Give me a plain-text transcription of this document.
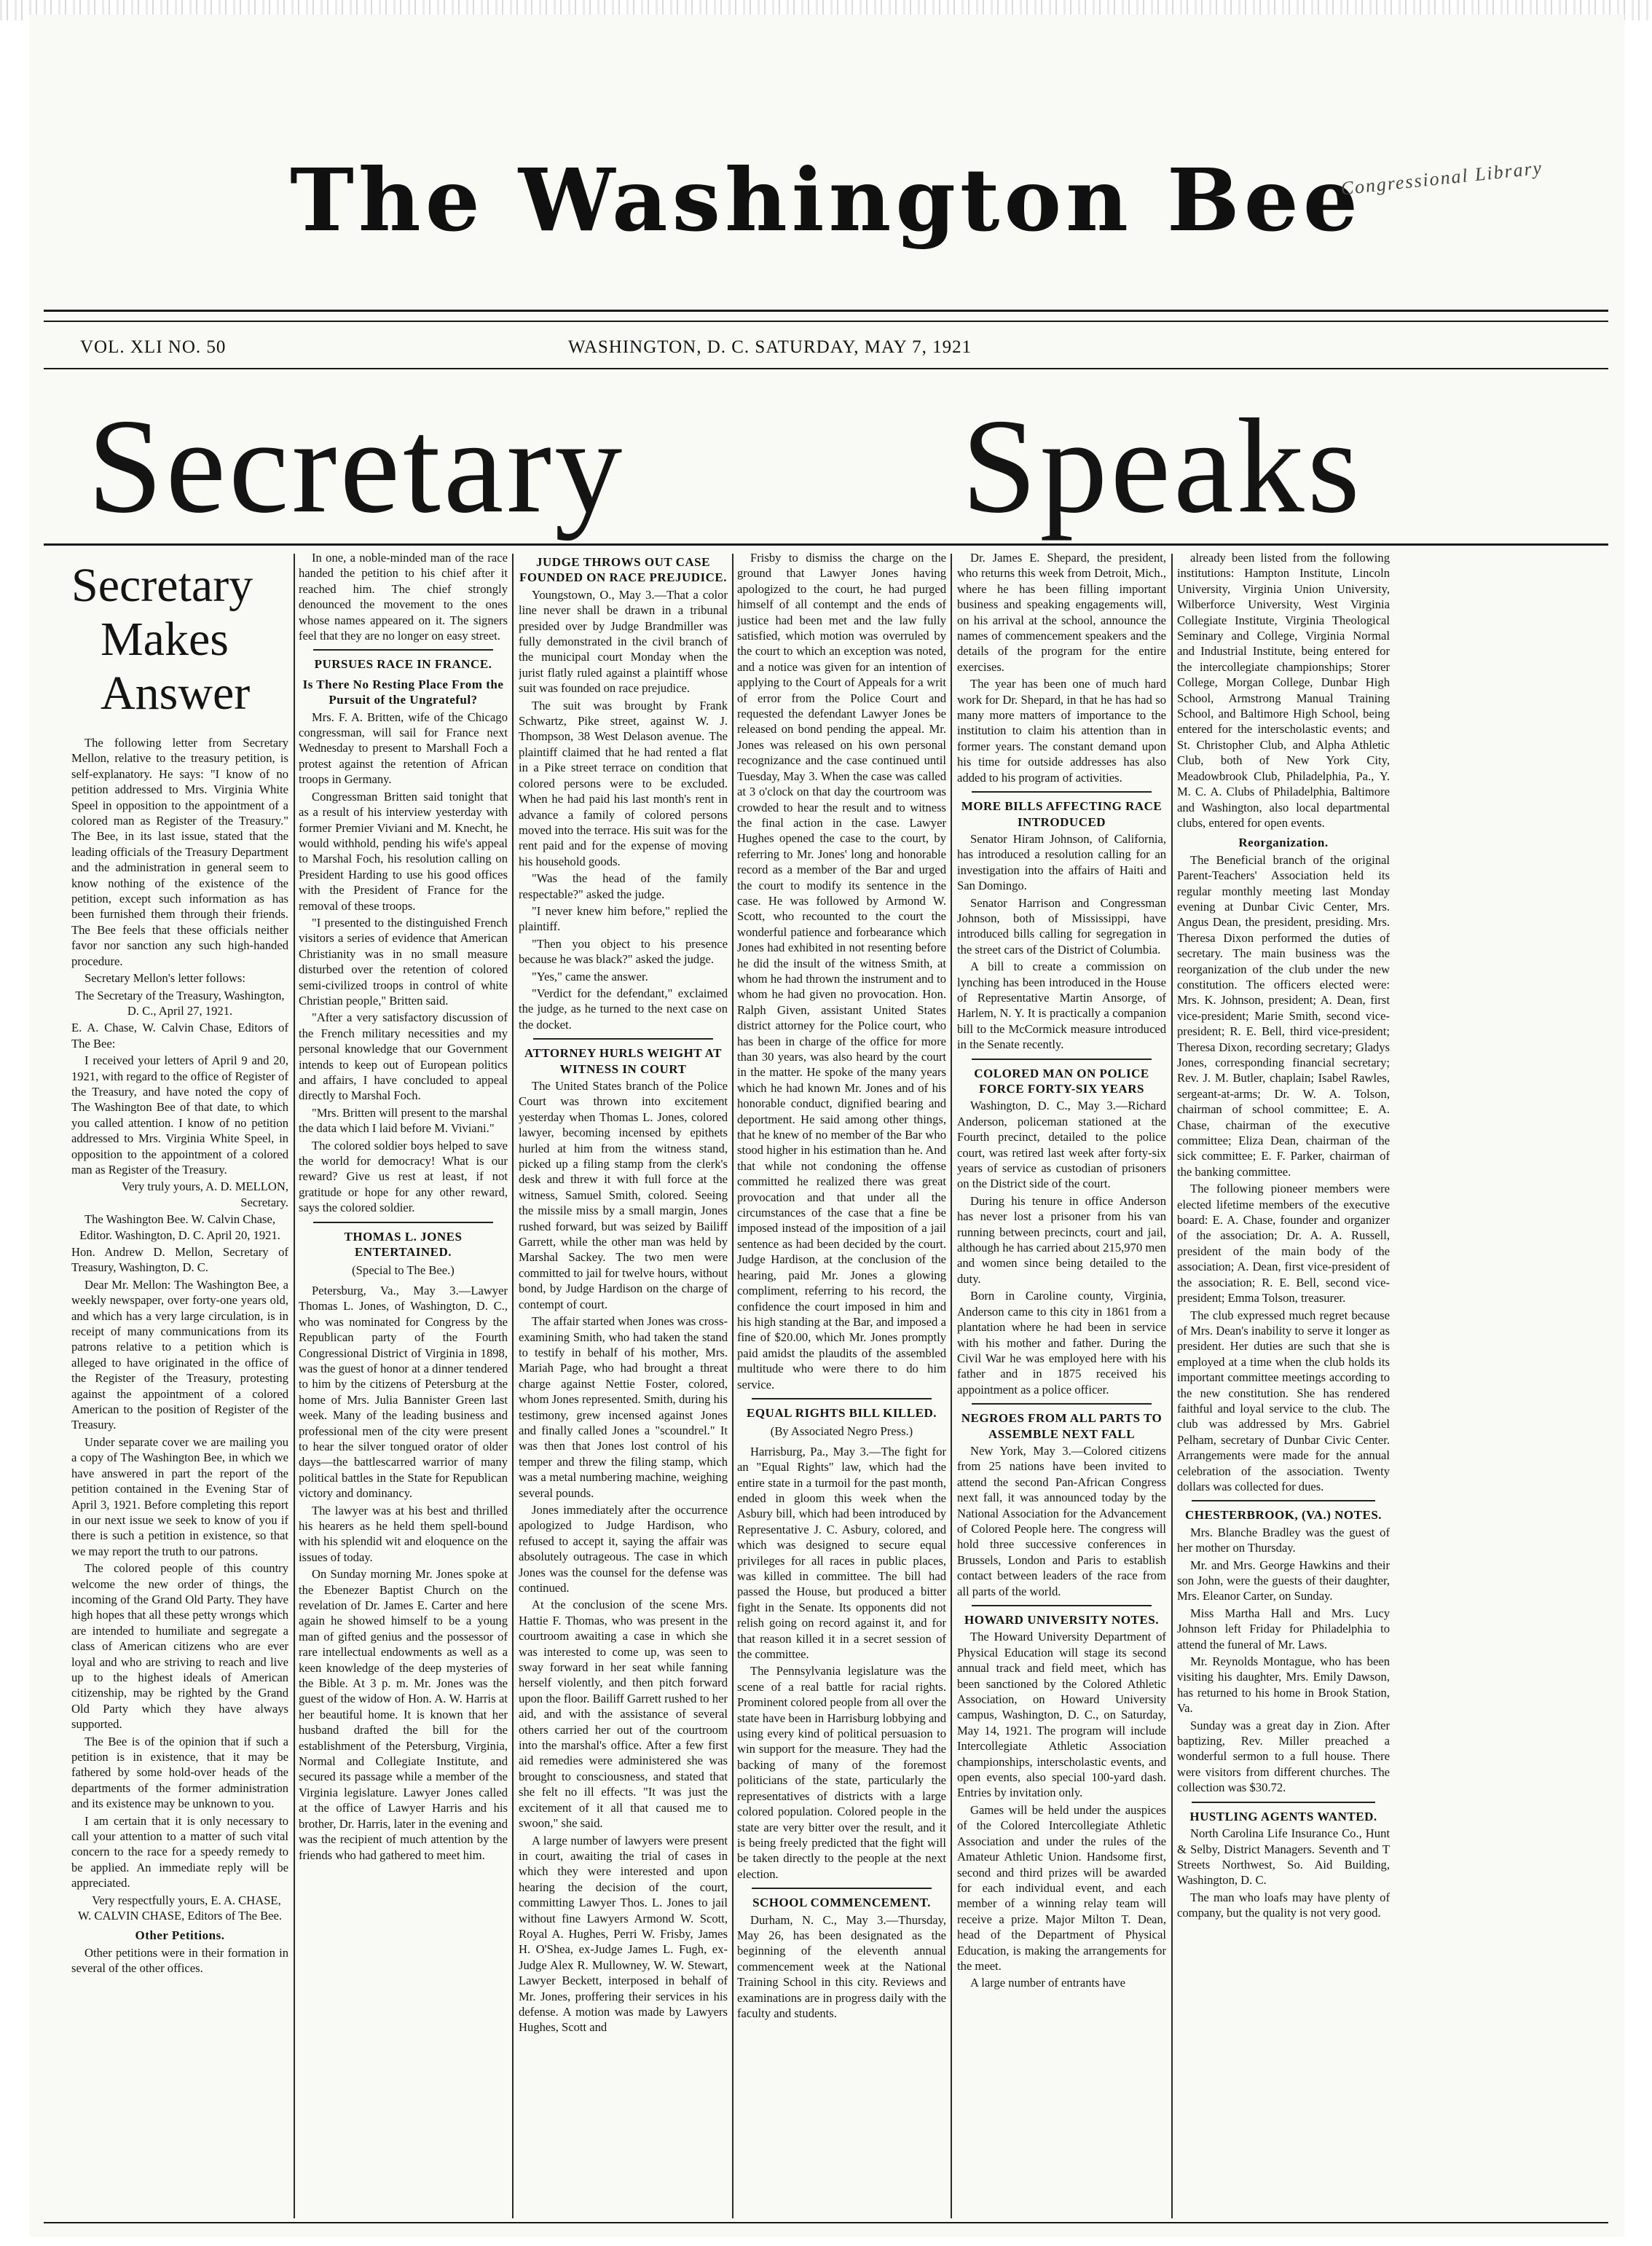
The Washington Bee
Congressional Library
VOL. XLI NO. 50	WASHINGTON, D. C. SATURDAY, MAY 7, 1921
Secretary Speaks
Secretary
Makes Answer

The following letter from Secretary Mellon, relative to the treasury petition, is self-explanatory. He says: "I know of no petition addressed to Mrs. Virginia White Speel in opposition to the appointment of a colored man as Register of the Treasury." The Bee, in its last issue, stated that the leading officials of the Treasury Department and the administration in general seem to know nothing of the existence of the petition, except such information as has been furnished them through their friends. The Bee feels that these officials neither favor nor sanction any such high-handed procedure.

Secretary Mellon's letter follows:

The Secretary of the Treasury, Washington, D. C., April 27, 1921.

E. A. Chase, W. Calvin Chase, Editors of The Bee:

I received your letters of April 9 and 20, 1921, with regard to the office of Register of the Treasury, and have noted the copy of The Washington Bee of that date, to which you called attention. I know of no petition addressed to Mrs. Virginia White Speel, in opposition to the appointment of a colored man as Register of the Treasury.

Very truly yours, A. D. MELLON, Secretary.

The Washington Bee. W. Calvin Chase, Editor. Washington, D. C. April 20, 1921.

Hon. Andrew D. Mellon, Secretary of Treasury, Washington, D. C.

Dear Mr. Mellon: The Washington Bee, a weekly newspaper, over forty-one years old, and which has a very large circulation, is in receipt of many communications from its patrons relative to a petition which is alleged to have originated in the office of the Register of the Treasury, protesting against the appointment of a colored American to the position of Register of the Treasury.

Under separate cover we are mailing you a copy of The Washington Bee, in which we have answered in part the report of the petition contained in the Evening Star of April 3, 1921. Before completing this report in our next issue we seek to know of you if there is such a petition in existence, so that we may report the truth to our patrons.

The colored people of this country welcome the new order of things, the incoming of the Grand Old Party. They have high hopes that all these petty wrongs which are intended to humiliate and segregate a class of American citizens who are ever loyal and who are striving to reach and live up to the highest ideals of American citizenship, may be righted by the Grand Old Party which they have always supported.

The Bee is of the opinion that if such a petition is in existence, that it may be fathered by some hold-over heads of the departments of the former administration and its existence may be unknown to you.

I am certain that it is only necessary to call your attention to a matter of such vital concern to the race for a speedy remedy to be applied. An immediate reply will be appreciated.

Very respectfully yours, E. A. CHASE, W. CALVIN CHASE, Editors of The Bee.

Other Petitions.

Other petitions were in their formation in several of the other offices.

In one, a noble-minded man of the race handed the petition to his chief after it reached him. The chief strongly denounced the movement to the ones whose names appeared on it. The signers feel that they are no longer on easy street.

PURSUES RACE IN FRANCE.

Is There No Resting Place From the Pursuit of the Ungrateful?

Mrs. F. A. Britten, wife of the Chicago congressman, will sail for France next Wednesday to present to Marshall Foch a protest against the retention of African troops in Germany.

Congressman Britten said tonight that as a result of his interview yesterday with former Premier Viviani and M. Knecht, he would withhold, pending his wife's appeal to Marshal Foch, his resolution calling on President Harding to use his good offices with the President of France for the removal of these troops.

"I presented to the distinguished French visitors a series of evidence that American Christianity was in no small measure disturbed over the retention of colored semi-civilized troops in control of white Christian people," Britten said.

"After a very satisfactory discussion of the French military necessities and my personal knowledge that our Government intends to keep out of European politics and affairs, I have concluded to appeal directly to Marshal Foch.

"Mrs. Britten will present to the marshal the data which I laid before M. Viviani."

The colored soldier boys helped to save the world for democracy! What is our reward? Give us rest at least, if not gratitude or hope for any other reward, says the colored soldier.

THOMAS L. JONES ENTERTAINED.

(Special to The Bee.)

Petersburg, Va., May 3.—Lawyer Thomas L. Jones, of Washington, D. C., who was nominated for Congress by the Republican party of the Fourth Congressional District of Virginia in 1898, was the guest of honor at a dinner tendered to him by the citizens of Petersburg at the home of Mrs. Julia Bannister Green last week. Many of the leading business and professional men of the city were present to hear the silver tongued orator of older days—the battlescarred warrior of many political battles in the State for Republican victory and dominancy.

The lawyer was at his best and thrilled his hearers as he held them spell-bound with his splendid wit and eloquence on the issues of today.

On Sunday morning Mr. Jones spoke at the Ebenezer Baptist Church on the revelation of Dr. James E. Carter and here again he showed himself to be a young man of gifted genius and the possessor of rare intellectual endowments as well as a keen knowledge of the deep mysteries of the Bible. At 3 p. m. Mr. Jones was the guest of the widow of Hon. A. W. Harris at her beautiful home. It is known that her husband drafted the bill for the establishment of the Petersburg, Virginia, Normal and Collegiate Institute, and secured its passage while a member of the Virginia legislature. Lawyer Jones called at the office of Lawyer Harris and his brother, Dr. Harris, later in the evening and was the recipient of much attention by the friends who had gathered to meet him.

JUDGE THROWS OUT CASE FOUNDED ON RACE PREJUDICE.

Youngstown, O., May 3.—That a color line never shall be drawn in a tribunal presided over by Judge Brandmiller was fully demonstrated in the civil branch of the municipal court Monday when the jurist flatly ruled against a plaintiff whose suit was founded on race prejudice.

The suit was brought by Frank Schwartz, Pike street, against W. J. Thompson, 38 West Delason avenue. The plaintiff claimed that he had rented a flat in a Pike street terrace on condition that colored persons were to be excluded. When he had paid his last month's rent in advance a family of colored persons moved into the terrace. His suit was for the rent paid and for the expense of moving his household goods.

"Was the head of the family respectable?" asked the judge.

"I never knew him before," replied the plaintiff.

"Then you object to his presence because he was black?" asked the judge.

"Yes," came the answer.

"Verdict for the defendant," exclaimed the judge, as he turned to the next case on the docket.

ATTORNEY HURLS WEIGHT AT WITNESS IN COURT

The United States branch of the Police Court was thrown into excitement yesterday when Thomas L. Jones, colored lawyer, becoming incensed by epithets hurled at him from the witness stand, picked up a filing stamp from the clerk's desk and threw it with full force at the witness, Samuel Smith, colored. Seeing the missile miss by a small margin, Jones rushed forward, but was seized by Bailiff Garrett, while the other man was held by Marshal Sackey. The two men were committed to jail for twelve hours, without bond, by Judge Hardison on the charge of contempt of court.

The affair started when Jones was cross-examining Smith, who had taken the stand to testify in behalf of his mother, Mrs. Mariah Page, who had brought a threat charge against Nettie Foster, colored, whom Jones represented. Smith, during his testimony, grew incensed against Jones and finally called Jones a "scoundrel." It was then that Jones lost control of his temper and threw the filing stamp, which was a metal numbering machine, weighing several pounds.

Jones immediately after the occurrence apologized to Judge Hardison, who refused to accept it, saying the affair was absolutely outrageous. The case in which Jones was the counsel for the defense was continued.

At the conclusion of the scene Mrs. Hattie F. Thomas, who was present in the courtroom awaiting a case in which she was interested to come up, was seen to sway forward in her seat while fanning herself violently, and then pitch forward upon the floor. Bailiff Garrett rushed to her aid, and with the assistance of several others carried her out of the courtroom into the marshal's office. After a few first aid remedies were administered she was brought to consciousness, and stated that she felt no ill effects. "It was just the excitement of it all that caused me to swoon," she said.

A large number of lawyers were present in court, awaiting the trial of cases in which they were interested and upon hearing the decision of the court, committing Lawyer Thos. L. Jones to jail without fine Lawyers Armond W. Scott, Royal A. Hughes, Perri W. Frisby, James H. O'Shea, ex-Judge James L. Fugh, ex-Judge Alex R. Mullowney, W. W. Stewart, Lawyer Beckett, interposed in behalf of Mr. Jones, proffering their services in his defense. A motion was made by Lawyers Hughes, Scott and

Frisby to dismiss the charge on the ground that Lawyer Jones having apologized to the court, he had purged himself of all contempt and the ends of justice had been met and the law fully satisfied, which motion was overruled by the court to which an exception was noted, and a notice was given for an intention of applying to the Court of Appeals for a writ of error from the Police Court and requested the defendant Lawyer Jones be released on bond pending the appeal. Mr. Jones was released on his own personal recognizance and the case continued until Tuesday, May 3. When the case was called at 3 o'clock on that day the courtroom was crowded to hear the result and to witness the final action in the case. Lawyer Hughes opened the case to the court, by referring to Mr. Jones' long and honorable record as a member of the Bar and urged the court to modify its sentence in the case. He was followed by Armond W. Scott, who recounted to the court the wonderful patience and forbearance which Jones had exhibited in not resenting before he did the insult of the witness Smith, at whom he had thrown the instrument and to whom he had given no provocation. Hon. Ralph Given, assistant United States district attorney for the Police court, who has been in charge of the office for more than 30 years, was also heard by the court in the matter. He spoke of the many years which he had known Mr. Jones and of his honorable conduct, dignified bearing and deportment. He said among other things, that he knew of no member of the Bar who stood higher in his estimation than he. And that while not condoning the offense committed he realized there was great provocation and that under all the circumstances of the case that a fine be imposed instead of the imposition of a jail sentence as had been decided by the court. Judge Hardison, at the conclusion of the hearing, paid Mr. Jones a glowing compliment, referring to his record, the confidence the court imposed in him and his high standing at the Bar, and imposed a fine of $20.00, which Mr. Jones promptly paid amidst the plaudits of the assembled multitude who were there to do him service.

EQUAL RIGHTS BILL KILLED.

(By Associated Negro Press.)

Harrisburg, Pa., May 3.—The fight for an "Equal Rights" law, which had the entire state in a turmoil for the past month, ended in gloom this week when the Asbury bill, which had been introduced by Representative J. C. Asbury, colored, and which was designed to secure equal privileges for all races in public places, was killed in committee. The bill had passed the House, but produced a bitter fight in the Senate. Its opponents did not relish going on record against it, and for that reason killed it in a secret session of the committee.

The Pennsylvania legislature was the scene of a real battle for racial rights. Prominent colored people from all over the state have been in Harrisburg lobbying and using every kind of political persuasion to win support for the measure. They had the backing of many of the foremost politicians of the state, particularly the representatives of districts with a large colored population. Colored people in the state are very bitter over the result, and it is being freely predicted that the fight will be taken directly to the people at the next election.

SCHOOL COMMENCEMENT.

Durham, N. C., May 3.—Thursday, May 26, has been designated as the beginning of the eleventh annual commencement week at the National Training School in this city. Reviews and examinations are in progress daily with the faculty and students.

Dr. James E. Shepard, the president, who returns this week from Detroit, Mich., where he has been filling important business and speaking engagements will, on his arrival at the school, announce the names of commencement speakers and the details of the program for the entire exercises.

The year has been one of much hard work for Dr. Shepard, in that he has had so many more matters of importance to the institution to claim his attention than in former years. The constant demand upon his time for outside addresses has also added to his program of activities.

MORE BILLS AFFECTING RACE INTRODUCED

Senator Hiram Johnson, of California, has introduced a resolution calling for an investigation into the affairs of Haiti and San Domingo.

Senator Harrison and Congressman Johnson, both of Mississippi, have introduced bills calling for segregation in the street cars of the District of Columbia.

A bill to create a commission on lynching has been introduced in the House of Representative Martin Ansorge, of Harlem, N. Y. It is practically a companion bill to the McCormick measure introduced in the Senate recently.

COLORED MAN ON POLICE FORCE FORTY-SIX YEARS

Washington, D. C., May 3.—Richard Anderson, policeman stationed at the Fourth precinct, detailed to the police court, was retired last week after forty-six years of service as custodian of prisoners on the District side of the court.

During his tenure in office Anderson has never lost a prisoner from his van running between precincts, court and jail, although he has carried about 215,970 men and women since being detailed to the duty.

Born in Caroline county, Virginia, Anderson came to this city in 1861 from a plantation where he had been in service with his mother and father. During the Civil War he was employed here with his father and in 1875 received his appointment as a police officer.

NEGROES FROM ALL PARTS TO ASSEMBLE NEXT FALL

New York, May 3.—Colored citizens from 25 nations have been invited to attend the second Pan-African Congress next fall, it was announced today by the National Association for the Advancement of Colored People here. The congress will hold three successive conferences in Brussels, London and Paris to establish contact between leaders of the race from all parts of the world.

HOWARD UNIVERSITY NOTES.

The Howard University Department of Physical Education will stage its second annual track and field meet, which has been sanctioned by the Colored Athletic Association, on Howard University campus, Washington, D. C., on Saturday, May 14, 1921. The program will include Intercollegiate Athletic Association championships, interscholastic events, and open events, also special 100-yard dash. Entries by invitation only.

Games will be held under the auspices of the Colored Intercollegiate Athletic Association and under the rules of the Amateur Athletic Union. Handsome first, second and third prizes will be awarded for each individual event, and each member of a winning relay team will receive a prize. Major Milton T. Dean, head of the Department of Physical Education, is making the arrangements for the meet.

A large number of entrants have

already been listed from the following institutions: Hampton Institute, Lincoln University, Virginia Union University, Wilberforce University, West Virginia Collegiate Institute, Virginia Theological Seminary and College, Virginia Normal and Industrial Institute, being entered for the intercollegiate championships; Storer College, Morgan College, Dunbar High School, Armstrong Manual Training School, and Baltimore High School, being entered for the interscholastic events; and St. Christopher Club, and Alpha Athletic Club, both of New York City, Meadowbrook Club, Philadelphia, Pa., Y. M. C. A. Clubs of Philadelphia, Baltimore and Washington, also local departmental clubs, entered for open events.

Reorganization.

The Beneficial branch of the original Parent-Teachers' Association held its regular monthly meeting last Monday evening at Dunbar Civic Center, Mrs. Angus Dean, the president, presiding. Mrs. Theresa Dixon performed the duties of secretary. The main business was the reorganization of the club under the new constitution. The officers elected were: Mrs. K. Johnson, president; A. Dean, first vice-president; Marie Smith, second vice-president; R. E. Bell, third vice-president; Theresa Dixon, recording secretary; Gladys Jones, corresponding financial secretary; Rev. J. M. Butler, chaplain; Isabel Rawles, sergeant-at-arms; Dr. W. A. Tolson, chairman of school committee; E. A. Chase, chairman of the executive committee; Eliza Dean, chairman of the sick committee; E. F. Parker, chairman of the banking committee.

The following pioneer members were elected lifetime members of the executive board: E. A. Chase, founder and organizer of the association; Dr. A. A. Russell, president of the main body of the association; A. Dean, first vice-president of the association; R. E. Bell, second vice-president; Emma Tolson, treasurer.

The club expressed much regret because of Mrs. Dean's inability to serve it longer as president. Her duties are such that she is employed at a time when the club holds its important committee meetings according to the new constitution. She has rendered faithful and loyal service to the club. The club was addressed by Mrs. Gabriel Pelham, secretary of Dunbar Civic Center. Arrangements were made for the annual celebration of the association. Twenty dollars was collected for dues.

CHESTERBROOK, (VA.) NOTES.

Mrs. Blanche Bradley was the guest of her mother on Thursday.

Mr. and Mrs. George Hawkins and their son John, were the guests of their daughter, Mrs. Eleanor Carter, on Sunday.

Miss Martha Hall and Mrs. Lucy Johnson left Friday for Philadelphia to attend the funeral of Mr. Laws.

Mr. Reynolds Montague, who has been visiting his daughter, Mrs. Emily Dawson, has returned to his home in Brook Station, Va.

Sunday was a great day in Zion. After baptizing, Rev. Miller preached a wonderful sermon to a full house. There were visitors from different churches. The collection was $30.72.

HUSTLING AGENTS WANTED.

North Carolina Life Insurance Co., Hunt & Selby, District Managers. Seventh and T Streets Northwest, So. Aid Building, Washington, D. C.

The man who loafs may have plenty of company, but the quality is not very good.
